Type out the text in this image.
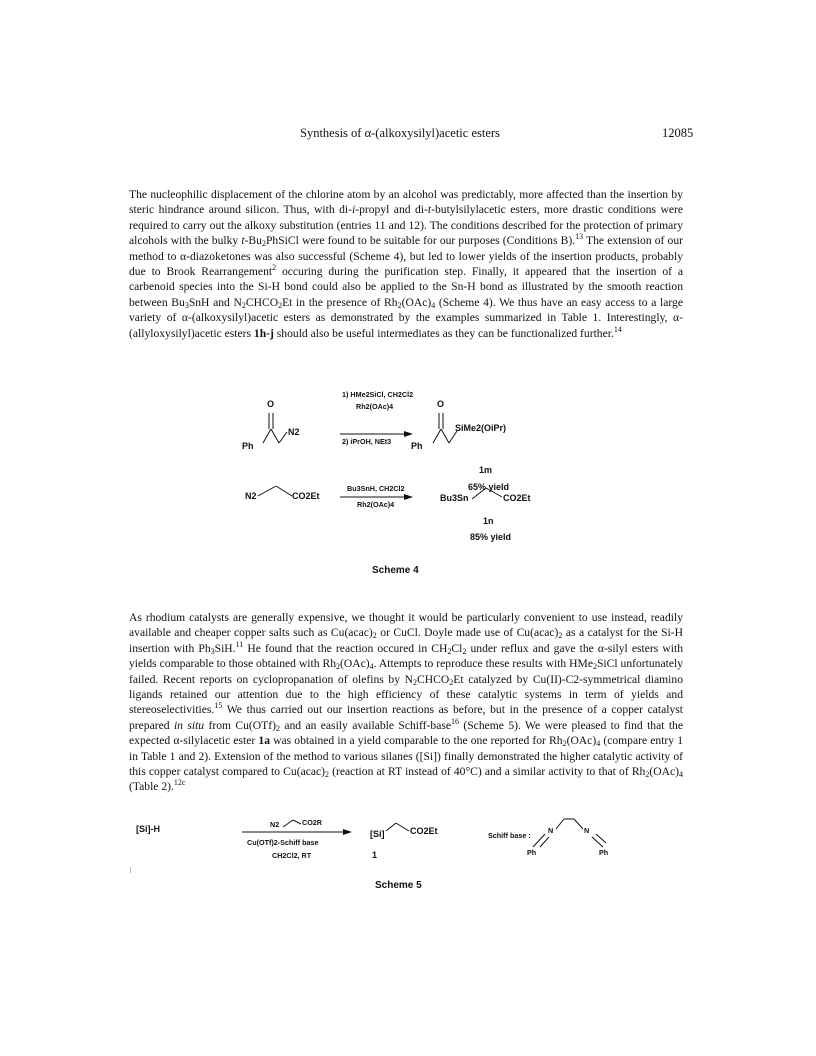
Synthesis of α-(alkoxysilyl)acetic esters	12085
The nucleophilic displacement of the chlorine atom by an alcohol was predictably, more affected than the insertion by steric hindrance around silicon. Thus, with di-i-propyl and di-t-butylsilylacetic esters, more drastic conditions were required to carry out the alkoxy substitution (entries 11 and 12). The conditions described for the protection of primary alcohols with the bulky $t-Bu_2PhSiCl$ were found to be suitable for our purposes (Conditions B).$^{13}$ The extension of our method to α-diazoketones was also successful (Scheme 4), but led to lower yields of the insertion products, probably due to Brook Rearrangement$^2$ occuring during the purification step. Finally, it appeared that the insertion of a carbenoid species into the Si-H bond could also be applied to the Sn-H bond as illustrated by the smooth reaction between $Bu_3SnH$ and $N_2CHCO_2Et$ in the presence of $Rh_2(OAc)_4$ (Scheme 4). We thus have an easy access to a large variety of α-(alkoxysilyl)acetic esters as demonstrated by the examples summarized in Table 1. Interestingly, α-(allyloxysilyl)acetic esters 1h-j should also be useful intermediates as they can be functionalized further.$^{14}$
Ph
O
N2
1) HMe2SiCl, CH2Cl2
Rh2(OAc)4
2) iPrOH, NEt3 Ph
O
SiMe2(OiPr)
1m
65% yield
N2	CO2Et
Bu3SnH, CH2Cl2
Rh2(OAc)4
Bu3Sn	CO2Et
1n
85% yield
Scheme 4
As rhodium catalysts are generally expensive, we thought it would be particularly convenient to use instead, readily available and cheaper copper salts such as $Cu(acac)_2$ or CuCl. Doyle made use of $Cu(acac)_2$ as a catalyst for the Si-H insertion with $Ph_3SiH.^{11}$ He found that the reaction occured in $CH_2Cl_2$ under reflux and gave the α-silyl esters with yields comparable to those obtained with $Rh_2(OAc)_4$. Attempts to reproduce these results with HMe$_2$SiCl unfortunately failed. Recent reports on cyclopropanation of olefins by $N_2CHCO_2Et$ catalyzed by Cu(II)-C2-symmetrical diamino ligands retained our attention due to the high efficiency of these catalytic systems in term of yields and stereoselectivities.$^{15}$ We thus carried out our insertion reactions as before, but in the presence of a copper catalyst prepared in situ from $Cu(OTf)_2$ and an easily available Schiff-base$^{16}$ (Scheme 5). We were pleased to find that the expected α-silylacetic ester 1a was obtained in a yield comparable to the one reported for $Rh_2(OAc)_4$ (compare entry 1 in Table 1 and 2). Extension of the method to various silanes ([Si]) finally demonstrated the higher catalytic activity of this copper catalyst compared to $Cu(acac)_2$ (reaction at RT instead of 40°C) and a similar activity to that of $Rh_2(OAc)_4$ (Table 2).$^{12c}$
[Si]-H	N2	CO2R
Cu(OTf)2-Schiff base
CH2Cl2, RT
[Si]	CO2Et
1
Schiff base :
N	N
Ph	Ph
Scheme 5
